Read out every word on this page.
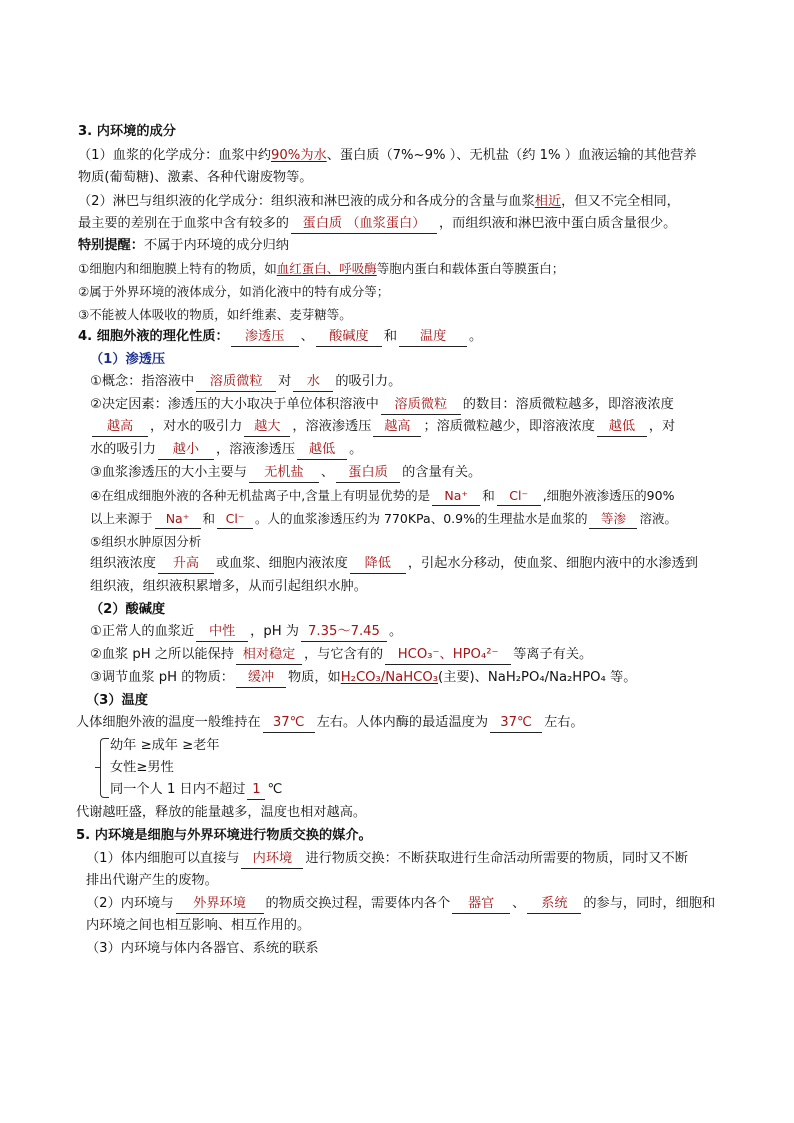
3. 内环境的成分
（1）血浆的化学成分：血浆中约90%为水、蛋白质（7%~9% ）、无机盐（约 1% ）血液运输的其他营养
物质(葡萄糖)、激素、各种代谢废物等。
（2）淋巴与组织液的化学成分：组织液和淋巴液的成分和各成分的含量与血浆相近，但又不完全相同，
最主要的差别在于血浆中含有较多的 蛋白质 （血浆蛋白） ，而组织液和淋巴液中蛋白质含量很少。
特别提醒：不属于内环境的成分归纳
①细胞内和细胞膜上特有的物质，如血红蛋白、呼吸酶等胞内蛋白和载体蛋白等膜蛋白；
②属于外界环境的液体成分，如消化液中的特有成分等；
③不能被人体吸收的物质，如纤维素、麦芽糖等。
4. 细胞外液的理化性质： 渗透压 、 酸碱度 和 温度 。
（1）渗透压
①概念：指溶液中 溶质微粒 对 水 的吸引力。
②决定因素：渗透压的大小取决于单位体积溶液中 溶质微粒 的数目：溶质微粒越多，即溶液浓度
越高 ，对水的吸引力 越大 ，溶液渗透压 越高 ；溶质微粒越少，即溶液浓度 越低 ，对
水的吸引力 越小 ，溶液渗透压 越低 。
③血浆渗透压的大小主要与 无机盐 、 蛋白质 的含量有关。
④在组成细胞外液的各种无机盐离子中,含量上有明显优势的是 Na⁺ 和 Cl⁻ ,细胞外液渗透压的90%
以上来源于 Na⁺ 和 Cl⁻ 。人的血浆渗透压约为 770KPa、0.9%的生理盐水是血浆的 等渗 溶液。
⑤组织水肿原因分析
组织液浓度 升高 或血浆、细胞内液浓度 降低 ，引起水分移动，使血浆、细胞内液中的水渗透到
组织液，组织液积累增多，从而引起组织水肿。
（2）酸碱度
①正常人的血浆近 中性 ，pH 为 7.35～7.45 。
②血浆 pH 之所以能保持 相对稳定 ，与它含有的 HCO₃⁻、HPO₄²⁻ 等离子有关。
③调节血浆 pH 的物质： 缓冲 物质，如H₂CO₃/NaHCO₃(主要)、NaH₂PO₄/Na₂HPO₄ 等。
（3）温度
人体细胞外液的温度一般维持在 37℃ 左右。人体内酶的最适温度为 37℃ 左右。
幼年 ≥成年 ≥老年
女性≥男性
同一个人 1 日内不超过 1 ℃
代谢越旺盛，释放的能量越多，温度也相对越高。
5. 内环境是细胞与外界环境进行物质交换的媒介。
（1）体内细胞可以直接与 内环境 进行物质交换：不断获取进行生命活动所需要的物质，同时又不断
排出代谢产生的废物。
（2）内环境与 外界环境 的物质交换过程，需要体内各个 器官 、 系统 的参与，同时，细胞和
内环境之间也相互影响、相互作用的。
（3）内环境与体内各器官、系统的联系
